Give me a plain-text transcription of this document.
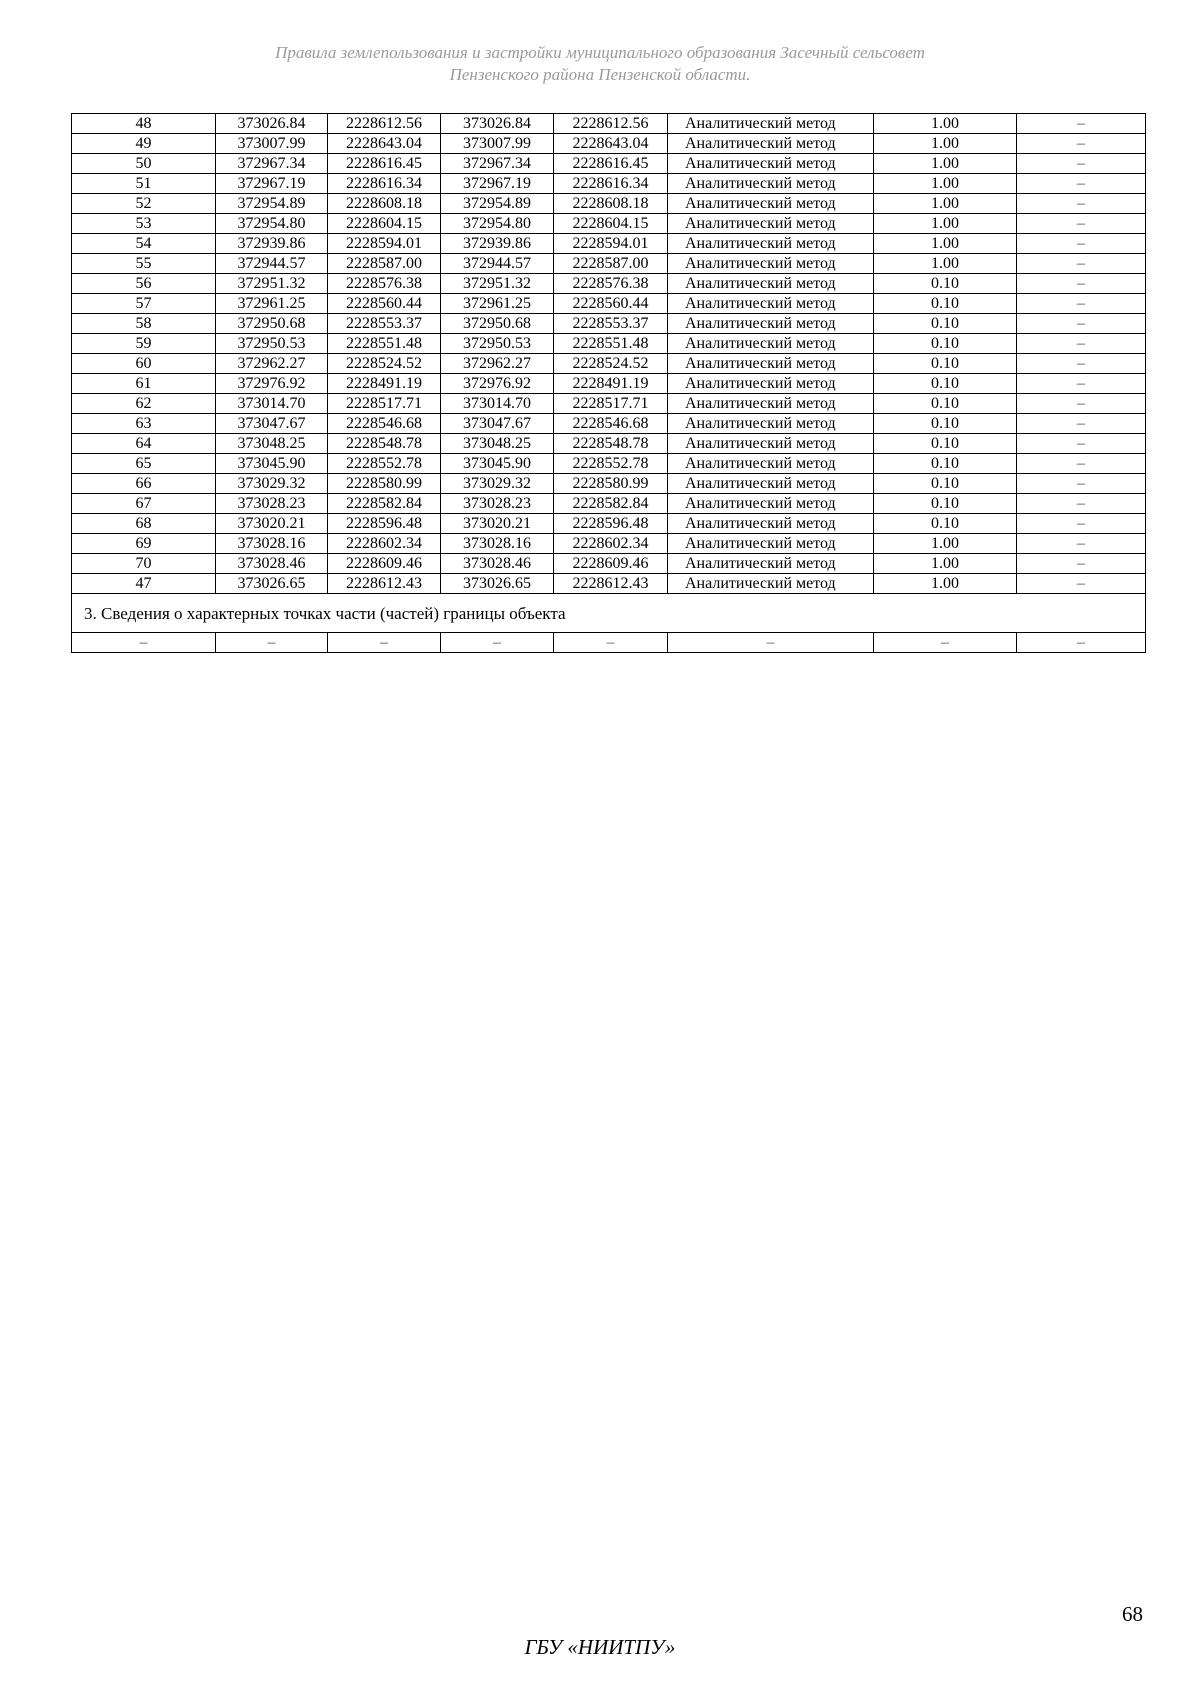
Правила землепользования и застройки муниципального образования Засечный сельсовет
Пензенского района Пензенской области.
48	373026.84	2228612.56	373026.84	2228612.56	Аналитический метод	1.00	–
49	373007.99	2228643.04	373007.99	2228643.04	Аналитический метод	1.00	–
50	372967.34	2228616.45	372967.34	2228616.45	Аналитический метод	1.00	–
51	372967.19	2228616.34	372967.19	2228616.34	Аналитический метод	1.00	–
52	372954.89	2228608.18	372954.89	2228608.18	Аналитический метод	1.00	–
53	372954.80	2228604.15	372954.80	2228604.15	Аналитический метод	1.00	–
54	372939.86	2228594.01	372939.86	2228594.01	Аналитический метод	1.00	–
55	372944.57	2228587.00	372944.57	2228587.00	Аналитический метод	1.00	–
56	372951.32	2228576.38	372951.32	2228576.38	Аналитический метод	0.10	–
57	372961.25	2228560.44	372961.25	2228560.44	Аналитический метод	0.10	–
58	372950.68	2228553.37	372950.68	2228553.37	Аналитический метод	0.10	–
59	372950.53	2228551.48	372950.53	2228551.48	Аналитический метод	0.10	–
60	372962.27	2228524.52	372962.27	2228524.52	Аналитический метод	0.10	–
61	372976.92	2228491.19	372976.92	2228491.19	Аналитический метод	0.10	–
62	373014.70	2228517.71	373014.70	2228517.71	Аналитический метод	0.10	–
63	373047.67	2228546.68	373047.67	2228546.68	Аналитический метод	0.10	–
64	373048.25	2228548.78	373048.25	2228548.78	Аналитический метод	0.10	–
65	373045.90	2228552.78	373045.90	2228552.78	Аналитический метод	0.10	–
66	373029.32	2228580.99	373029.32	2228580.99	Аналитический метод	0.10	–
67	373028.23	2228582.84	373028.23	2228582.84	Аналитический метод	0.10	–
68	373020.21	2228596.48	373020.21	2228596.48	Аналитический метод	0.10	–
69	373028.16	2228602.34	373028.16	2228602.34	Аналитический метод	1.00	–
70	373028.46	2228609.46	373028.46	2228609.46	Аналитический метод	1.00	–
47	373026.65	2228612.43	373026.65	2228612.43	Аналитический метод	1.00	–
3. Сведения о характерных точках части (частей) границы объекта							
–	–	–	–	–	–	–	–
68
ГБУ «НИИТПУ»
